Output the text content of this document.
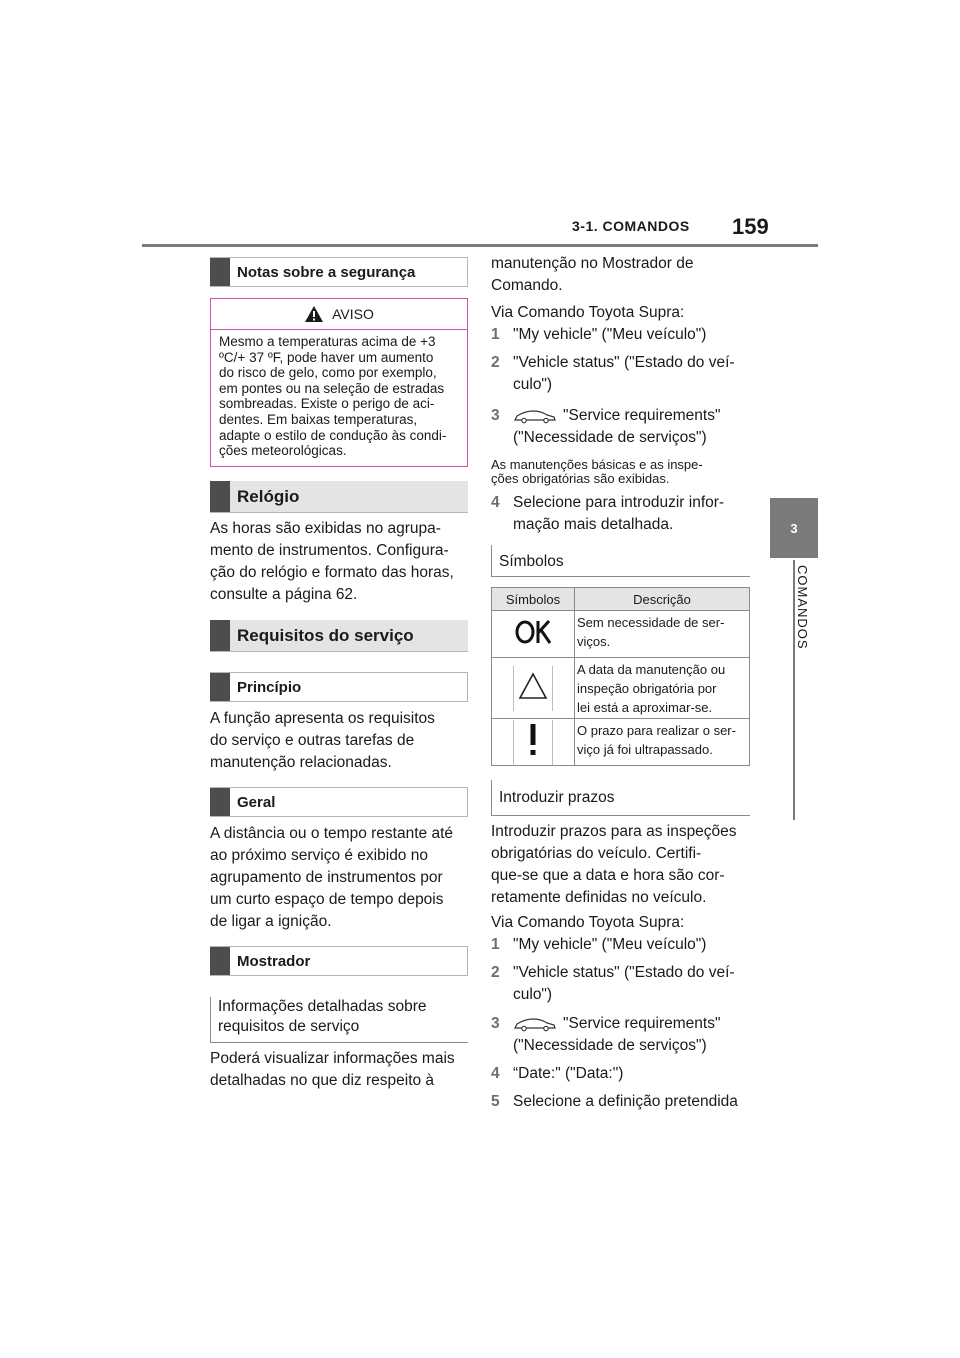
3-1. COMANDOS 159
3
COMANDOS
Notas sobre a segurança
AVISO
Mesmo a temperaturas acima de +3
ºC/+ 37 ºF, pode haver um aumento
do risco de gelo, como por exemplo,
em pontes ou na seleção de estradas
sombreadas. Existe o perigo de aci-
dentes. Em baixas temperaturas,
adapte o estilo de condução às condi-
ções meteorológicas.
Relógio
As horas são exibidas no agrupa-
mento de instrumentos. Configura-
ção do relógio e formato das horas,
consulte a página 62.
Requisitos do serviço
Princípio
A função apresenta os requisitos
do serviço e outras tarefas de
manutenção relacionadas.
Geral
A distância ou o tempo restante até
ao próximo serviço é exibido no
agrupamento de instrumentos por
um curto espaço de tempo depois
de ligar a ignição.
Mostrador
Informações detalhadas sobre
requisitos de serviço
Poderá visualizar informações mais
detalhadas no que diz respeito à
manutenção no Mostrador de
Comando.
Via Comando Toyota Supra:
1 "My vehicle" ("Meu veículo")
2 "Vehicle status" ("Estado do veí-
culo")
3	"Service requirements"
("Necessidade de serviços")
As manutenções básicas e as inspe-
ções obrigatórias são exibidas.
4 Selecione para introduzir infor-
mação mais detalhada.
Símbolos
Símbolos	Descrição
	Sem necessidade de ser-
viços.
	A data da manutenção ou
inspeção obrigatória por
lei está a aproximar-se.
	O prazo para realizar o ser-
viço já foi ultrapassado.
Introduzir prazos
Introduzir prazos para as inspeções
obrigatórias do veículo. Certifi-
que-se que a data e hora são cor-
retamente definidas no veículo.
Via Comando Toyota Supra:
1 "My vehicle" ("Meu veículo")
2 "Vehicle status" ("Estado do veí-
culo")
3	"Service requirements"
("Necessidade de serviços")
4 “Date:" ("Data:")
5 Selecione a definição pretendida
